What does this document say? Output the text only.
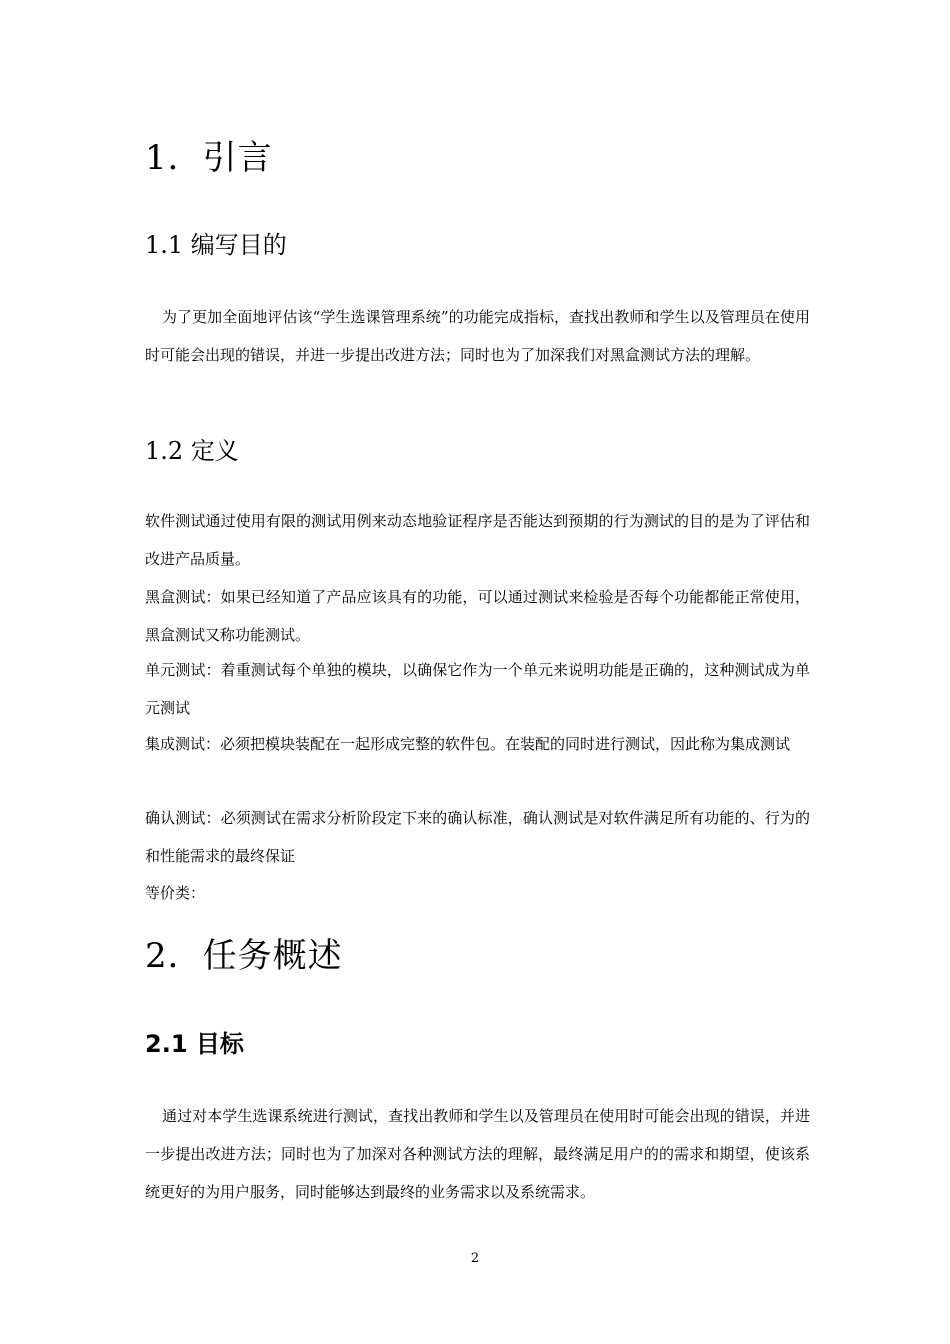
1．引言
1.1 编写目的
为了更加全面地评估该“学生选课管理系统”的功能完成指标，查找出教师和学生以及管理员在使用时可能会出现的错误，并进一步提出改进方法；同时也为了加深我们对黑盒测试方法的理解。
1.2 定义
软件测试通过使用有限的测试用例来动态地验证程序是否能达到预期的行为测试的目的是为了评估和改进产品质量。
黑盒测试：如果已经知道了产品应该具有的功能，可以通过测试来检验是否每个功能都能正常使用，黑盒测试又称功能测试。
单元测试：着重测试每个单独的模块，以确保它作为一个单元来说明功能是正确的，这种测试成为单元测试
集成测试：必须把模块装配在一起形成完整的软件包。在装配的同时进行测试，因此称为集成测试
确认测试：必须测试在需求分析阶段定下来的确认标准，确认测试是对软件满足所有功能的、行为的和性能需求的最终保证
等价类：
2．任务概述
2.1 目标
通过对本学生选课系统进行测试，查找出教师和学生以及管理员在使用时可能会出现的错误，并进一步提出改进方法；同时也为了加深对各种测试方法的理解，最终满足用户的的需求和期望，使该系统更好的为用户服务，同时能够达到最终的业务需求以及系统需求。
2
